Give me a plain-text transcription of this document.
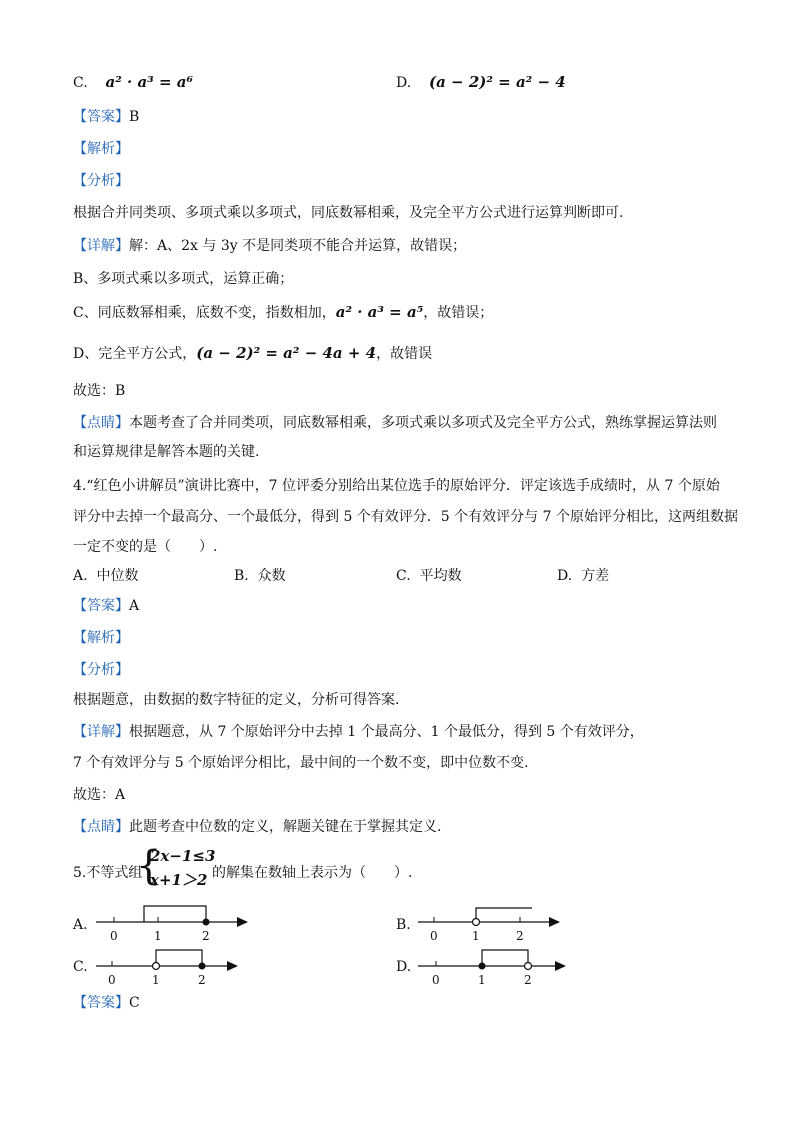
C. a² · a³ = a⁶	D. (a − 2)² = a² − 4
【答案】B
【解析】
【分析】
根据合并同类项、多项式乘以多项式，同底数幂相乘，及完全平方公式进行运算判断即可.
【详解】解：A、2x 与 3y 不是同类项不能合并运算，故错误；
B、多项式乘以多项式，运算正确；
C、同底数幂相乘，底数不变，指数相加，a² · a³ = a⁵，故错误；
D、完全平方公式，(a − 2)² = a² − 4a + 4，故错误
故选：B
【点睛】本题考查了合并同类项，同底数幂相乘，多项式乘以多项式及完全平方公式，熟练掌握运算法则
和运算规律是解答本题的关键.
4.“红色小讲解员”演讲比赛中，7 位评委分别给出某位选手的原始评分．评定该选手成绩时，从 7 个原始
评分中去掉一个最高分、一个最低分，得到 5 个有效评分．5 个有效评分与 7 个原始评分相比，这两组数据
一定不变的是（　　）.
A. 中位数	B. 众数	C. 平均数	D. 方差
【答案】A
【解析】
【分析】
根据题意，由数据的数字特征的定义，分析可得答案.
【详解】根据题意，从 7 个原始评分中去掉 1 个最高分、1 个最低分，得到 5 个有效评分，
7 个有效评分与 5 个原始评分相比，最中间的一个数不变，即中位数不变.
故选：A
【点睛】此题考查中位数的定义，解题关键在于掌握其定义.
5.不等式组
{
2x−1≤3
x+1＞2 的解集在数轴上表示为（　　）.
A.
0	1	2
B.
0	1	2
C.
0	1	2
D.
0	1	2
【答案】C
